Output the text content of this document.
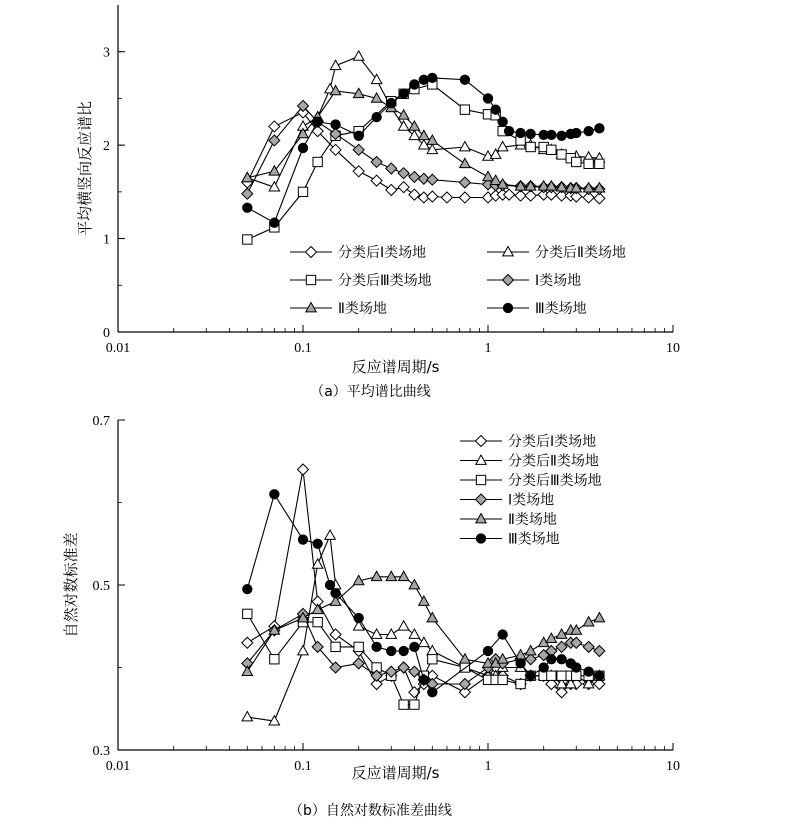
0.01	0.1	1	10
0
1
2
3
反应谱周期/s
平均横竖向反应谱比
（a）平均谱比曲线
分类后Ⅰ类场地	分类后Ⅱ类场地
分类后Ⅲ类场地	Ⅰ类场地
Ⅱ类场地	Ⅲ类场地
0.01	0.1	1	10
0.3
0.5
0.7
反应谱周期/s
自然对数标准差
（b）自然对数标准差曲线
分类后Ⅰ类场地
分类后Ⅱ类场地
分类后Ⅲ类场地
Ⅰ类场地
Ⅱ类场地
Ⅲ类场地
